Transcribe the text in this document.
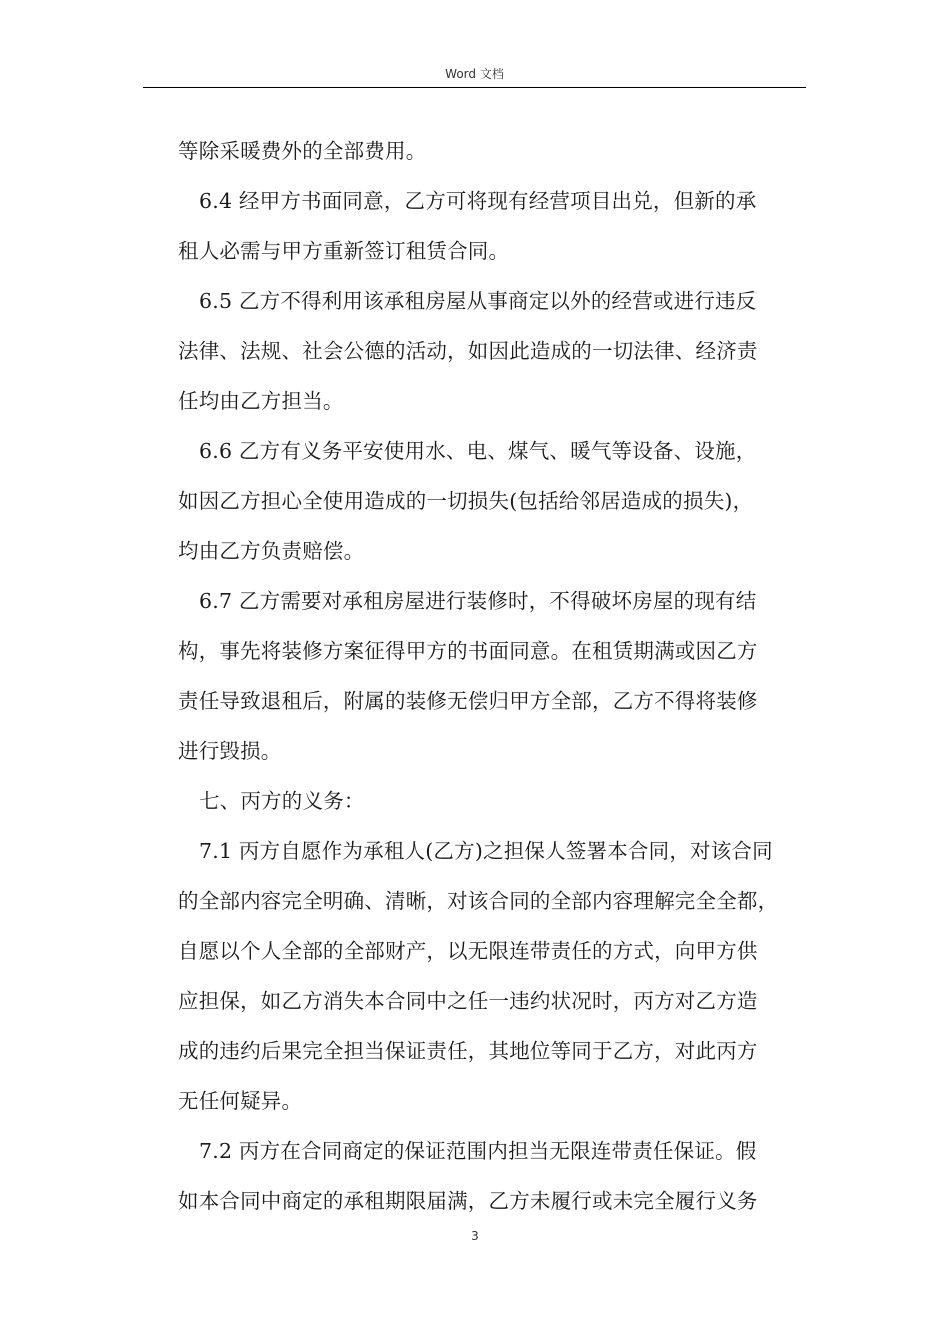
Word 文档
等除采暖费外的全部费用。
6.4 经甲方书面同意，乙方可将现有经营项目出兑，但新的承
租人必需与甲方重新签订租赁合同。
6.5 乙方不得利用该承租房屋从事商定以外的经营或进行违反
法律、法规、社会公德的活动，如因此造成的一切法律、经济责
任均由乙方担当。
6.6 乙方有义务平安使用水、电、煤气、暖气等设备、设施，
如因乙方担心全使用造成的一切损失(包括给邻居造成的损失)，
均由乙方负责赔偿。
6.7 乙方需要对承租房屋进行装修时，不得破坏房屋的现有结
构，事先将装修方案征得甲方的书面同意。在租赁期满或因乙方
责任导致退租后，附属的装修无偿归甲方全部，乙方不得将装修
进行毁损。
七、丙方的义务：
7.1 丙方自愿作为承租人(乙方)之担保人签署本合同，对该合同
的全部内容完全明确、清晰，对该合同的全部内容理解完全全都，
自愿以个人全部的全部财产，以无限连带责任的方式，向甲方供
应担保，如乙方消失本合同中之任一违约状况时，丙方对乙方造
成的违约后果完全担当保证责任，其地位等同于乙方，对此丙方
无任何疑异。
7.2 丙方在合同商定的保证范围内担当无限连带责任保证。假
如本合同中商定的承租期限届满，乙方未履行或未完全履行义务
3
